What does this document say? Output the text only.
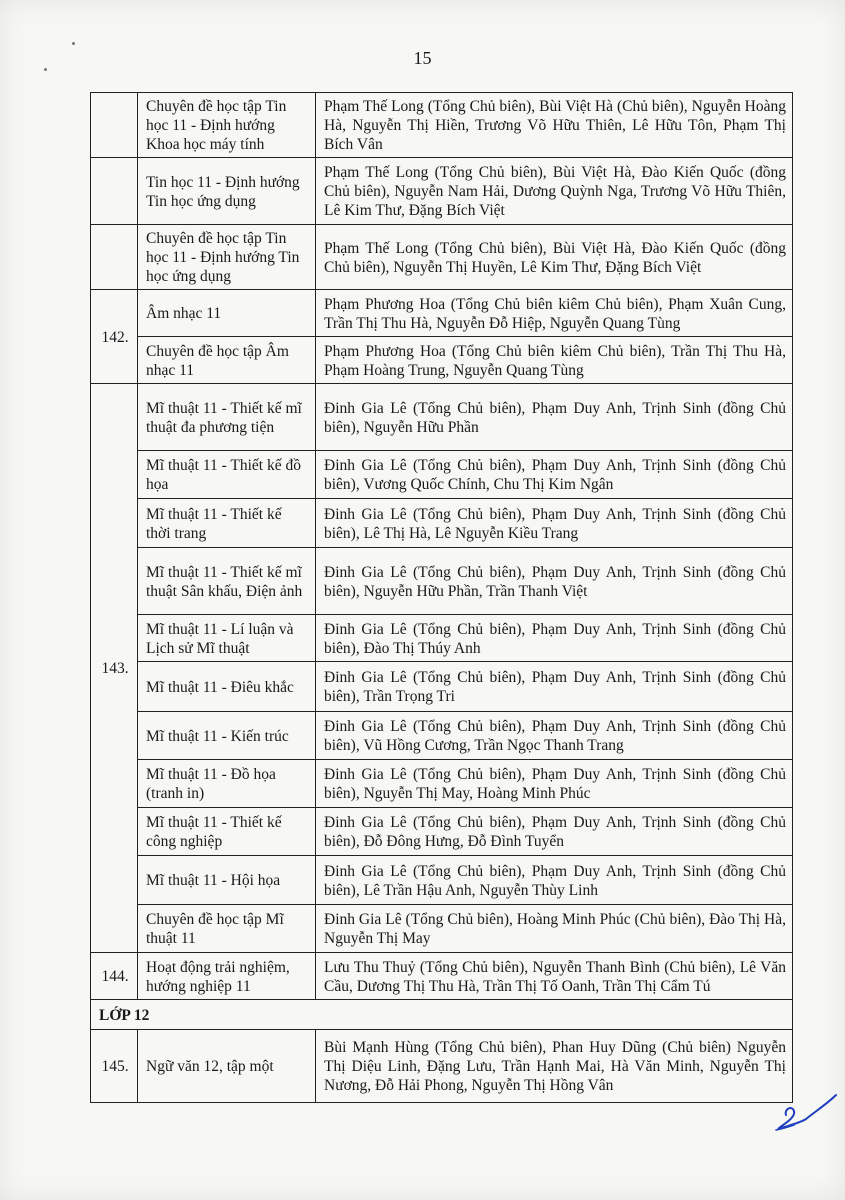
15
	Chuyên đề học tập Tin học 11 - Định hướng Khoa học máy tính	Phạm Thế Long (Tổng Chủ biên), Bùi Việt Hà (Chủ biên), Nguyễn Hoàng Hà, Nguyễn Thị Hiền, Trương Võ Hữu Thiên, Lê Hữu Tôn, Phạm Thị Bích Vân
	Tin học 11 - Định hướng Tin học ứng dụng	Phạm Thế Long (Tổng Chủ biên), Bùi Việt Hà, Đào Kiến Quốc (đồng Chủ biên), Nguyễn Nam Hải, Dương Quỳnh Nga, Trương Võ Hữu Thiên, Lê Kim Thư, Đặng Bích Việt
	Chuyên đề học tập Tin học 11 - Định hướng Tin học ứng dụng	Phạm Thế Long (Tổng Chủ biên), Bùi Việt Hà, Đào Kiến Quốc (đồng Chủ biên), Nguyễn Thị Huyền, Lê Kim Thư, Đặng Bích Việt
142.	Âm nhạc 11	Phạm Phương Hoa (Tổng Chủ biên kiêm Chủ biên), Phạm Xuân Cung, Trần Thị Thu Hà, Nguyễn Đỗ Hiệp, Nguyễn Quang Tùng
	Chuyên đề học tập Âm nhạc 11	Phạm Phương Hoa (Tổng Chủ biên kiêm Chủ biên), Trần Thị Thu Hà, Phạm Hoàng Trung, Nguyễn Quang Tùng
143.	Mĩ thuật 11 - Thiết kế mĩ thuật đa phương tiện	Đinh Gia Lê (Tổng Chủ biên), Phạm Duy Anh, Trịnh Sinh (đồng Chủ biên), Nguyễn Hữu Phần
	Mĩ thuật 11 - Thiết kế đồ họa	Đinh Gia Lê (Tổng Chủ biên), Phạm Duy Anh, Trịnh Sinh (đồng Chủ biên), Vương Quốc Chính, Chu Thị Kim Ngân
	Mĩ thuật 11 - Thiết kế thời trang	Đinh Gia Lê (Tổng Chủ biên), Phạm Duy Anh, Trịnh Sinh (đồng Chủ biên), Lê Thị Hà, Lê Nguyễn Kiều Trang
	Mĩ thuật 11 - Thiết kế mĩ thuật Sân khấu, Điện ảnh	Đinh Gia Lê (Tổng Chủ biên), Phạm Duy Anh, Trịnh Sinh (đồng Chủ biên), Nguyễn Hữu Phần, Trần Thanh Việt
	Mĩ thuật 11 - Lí luận và Lịch sử Mĩ thuật	Đinh Gia Lê (Tổng Chủ biên), Phạm Duy Anh, Trịnh Sinh (đồng Chủ biên), Đào Thị Thúy Anh
	Mĩ thuật 11 - Điêu khắc	Đinh Gia Lê (Tổng Chủ biên), Phạm Duy Anh, Trịnh Sinh (đồng Chủ biên), Trần Trọng Tri
	Mĩ thuật 11 - Kiến trúc	Đinh Gia Lê (Tổng Chủ biên), Phạm Duy Anh, Trịnh Sinh (đồng Chủ biên), Vũ Hồng Cương, Trần Ngọc Thanh Trang
	Mĩ thuật 11 - Đồ họa (tranh in)	Đinh Gia Lê (Tổng Chủ biên), Phạm Duy Anh, Trịnh Sinh (đồng Chủ biên), Nguyễn Thị May, Hoàng Minh Phúc
	Mĩ thuật 11 - Thiết kế công nghiệp	Đinh Gia Lê (Tổng Chủ biên), Phạm Duy Anh, Trịnh Sinh (đồng Chủ biên), Đỗ Đông Hưng, Đỗ Đình Tuyển
	Mĩ thuật 11 - Hội họa	Đinh Gia Lê (Tổng Chủ biên), Phạm Duy Anh, Trịnh Sinh (đồng Chủ biên), Lê Trần Hậu Anh, Nguyễn Thùy Linh
	Chuyên đề học tập Mĩ thuật 11	Đinh Gia Lê (Tổng Chủ biên), Hoàng Minh Phúc (Chủ biên), Đào Thị Hà, Nguyễn Thị May
144.	Hoạt động trải nghiệm, hướng nghiệp 11	Lưu Thu Thuỷ (Tổng Chủ biên), Nguyễn Thanh Bình (Chủ biên), Lê Văn Cầu, Dương Thị Thu Hà, Trần Thị Tố Oanh, Trần Thị Cẩm Tú
LỚP 12		
145.	Ngữ văn 12, tập một	Bùi Mạnh Hùng (Tổng Chủ biên), Phan Huy Dũng (Chủ biên) Nguyễn Thị Diệu Linh, Đặng Lưu, Trần Hạnh Mai, Hà Văn Minh, Nguyễn Thị Nương, Đỗ Hải Phong, Nguyễn Thị Hồng Vân
